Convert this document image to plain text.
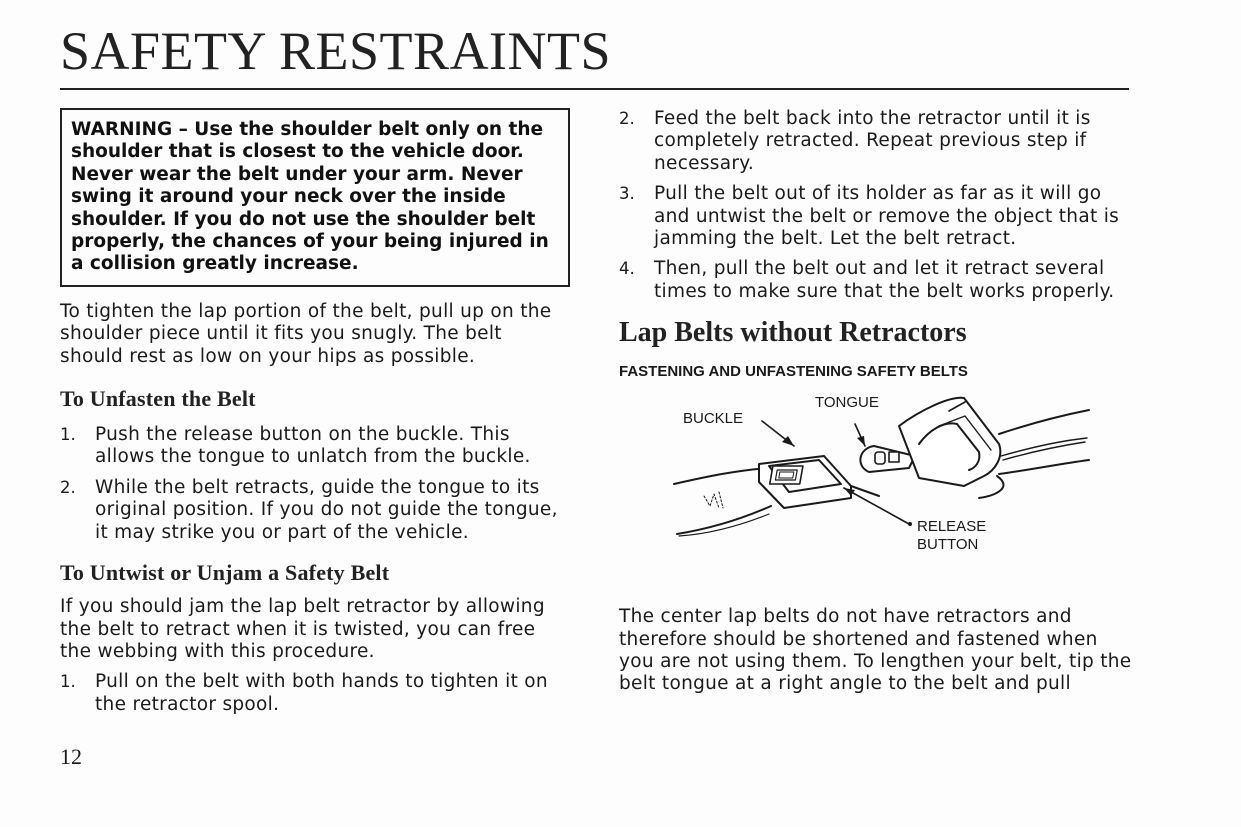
SAFETY RESTRAINTS
WARNING – Use the shoulder belt only on the shoulder that is closest to the vehicle door. Never wear the belt under your arm. Never swing it around your neck over the inside shoulder. If you do not use the shoulder belt properly, the chances of your being injured in a collision greatly increase.

To tighten the lap portion of the belt, pull up on the shoulder piece until it fits you snugly. The belt should rest as low on your hips as possible.

To Unfasten the Belt
1.	Push the release button on the buckle. This allows the tongue to unlatch from the buckle.
2.	While the belt retracts, guide the tongue to its original position. If you do not guide the tongue, it may strike you or part of the vehicle.
To Untwist or Unjam a Safety Belt

If you should jam the lap belt retractor by allowing the belt to retract when it is twisted, you can free the webbing with this procedure.

1.	Pull on the belt with both hands to tighten it on the retractor spool.
2.	Feed the belt back into the retractor until it is completely retracted. Repeat previous step if necessary.
3.	Pull the belt out of its holder as far as it will go and untwist the belt or remove the object that is jamming the belt. Let the belt retract.
4.	Then, pull the belt out and let it retract several times to make sure that the belt works properly.
Lap Belts without Retractors

FASTENING AND UNFASTENING SAFETY BELTS

BUCKLE
TONGUE
RELEASE
BUTTON

The center lap belts do not have retractors and therefore should be shortened and fastened when you are not using them. To lengthen your belt, tip the belt tongue at a right angle to the belt and pull

12
